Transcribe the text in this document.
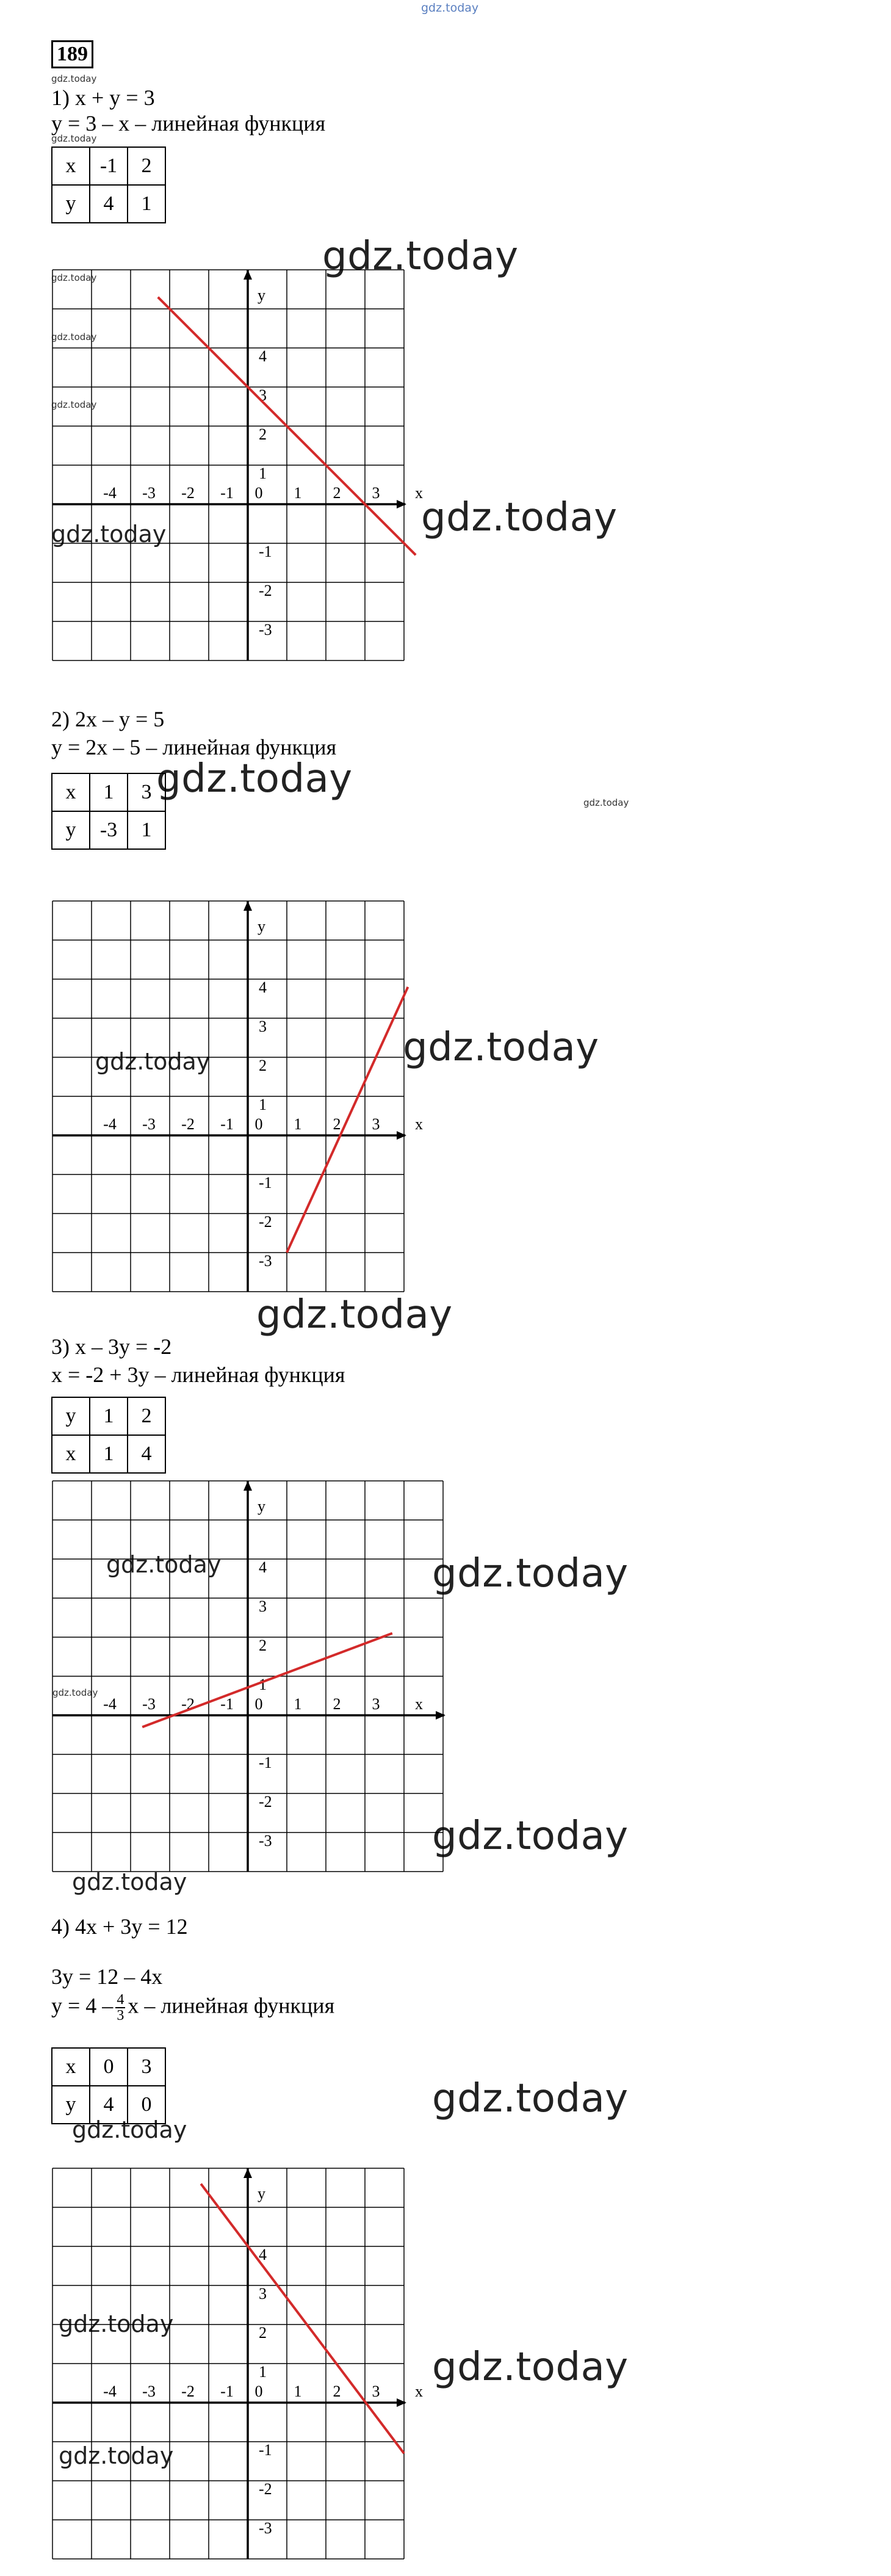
gdz.today
gdz.today
gdz.today
gdz.today
gdz.today
gdz.today
gdz.today
gdz.today	gdz.today
gdz.today
gdz.today
gdz.today	gdz.today
gdz.today
gdz.today	gdz.today
gdz.today
gdz.today
gdz.today
gdz.today
gdz.today
gdz.today
gdz.today
gdz.today
189
1) x + y = 3
y = 3 – x – линейная функция
x	-1	2
y	4	1
-4 -3 -2 -1 0 1 2 3
4
3
2
1
-1
-2
-3
x
y
2) 2x – y = 5
y = 2x – 5 – линейная функция
x	1	3
y	-3	1
-4 -3 -2 -1 0 1 2 3
4
3
2
1
-1
-2
-3
x
y
3) x – 3y = -2
x = -2 + 3y – линейная функция
y	1	2
x	1	4
-4 -3 -2 -1 0 1 2 3
4
3
2
1
-1
-2
-3
x
y
4) 4x + 3y = 12
3y = 12 – 4x
$y = 4 - \frac{4}{3}$ x – линейная функция
x	0	3
y	4	0
-4 -3 -2 -1 0 1 2 3
4
3
2
1
-1
-2
-3
x
y
